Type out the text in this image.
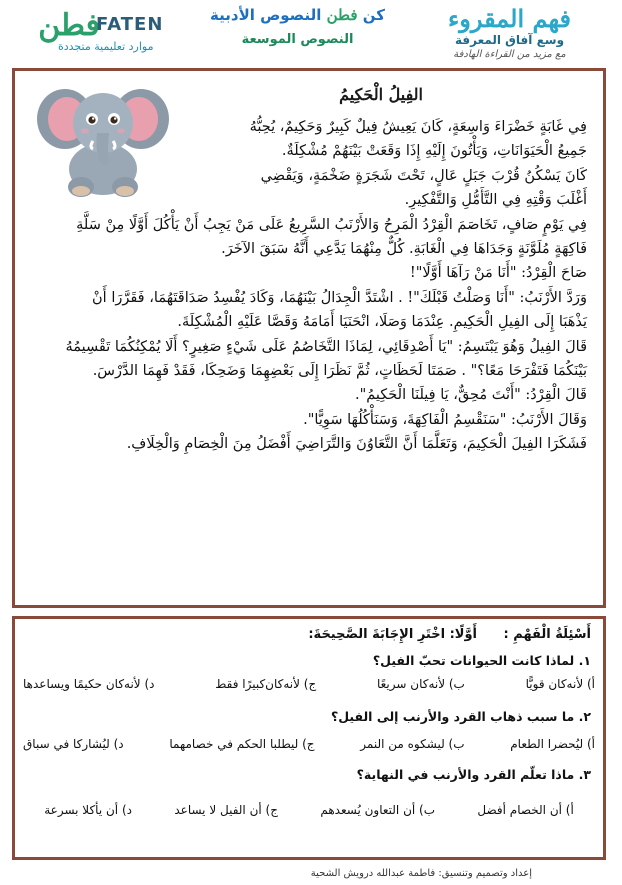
فهم المقروء
وسع آفاق المعرفة
مع مزيد من القراءة الهادفة
كن فطن النصوص الأدبية
النصوص الموسعة
فطن
FATEN
موارد تعليمية متجددة
الفِيلُ الْحَكِيمُ
فِي غَابَةٍ خَضْرَاءَ وَاسِعَةٍ، كَانَ يَعِيشُ فِيلٌ كَبِيرٌ وَحَكِيمٌ، يُحِبُّهُ
جَمِيعُ الْحَيَوَانَاتِ، وَيَأْتُونَ إِلَيْهِ إِذَا وَقَعَتْ بَيْنَهُمْ مُشْكِلَةٌ.
كَانَ يَسْكُنُ قُرْبَ جَبَلٍ عَالٍ، تَحْتَ شَجَرَةٍ ضَخْمَةٍ، وَيَقْضِي
أَغْلَبَ وَقْتِهِ فِي التَّأَمُّلِ وَالتَّفْكِيرِ.
فِي يَوْمٍ صَافٍ، تَخَاصَمَ الْقِرْدُ الْمَرِحُ وَالأَرْنَبُ السَّرِيعُ عَلَى مَنْ يَجِبُ أَنْ يَأْكُلَ أَوَّلًا مِنْ سَلَّةِ
فَاكِهَةٍ مُلَوَّنَةٍ وَجَدَاهَا فِي الْغَابَةِ. كُلٌّ مِنْهُمَا يَدَّعِي أَنَّهُ سَبَقَ الآخَرَ.
صَاحَ الْقِرْدُ: "أَنَا مَنْ رَآهَا أَوَّلًا"!
وَرَدَّ الأَرْنَبُ: "أَنَا وَصَلْتُ قَبْلَكَ"! . اشْتَدَّ الْجِدَالُ بَيْنَهُمَا، وَكَادَ يُفْسِدُ صَدَاقَتَهُمَا، فَقَرَّرَا أَنْ
يَذْهَبَا إِلَى الفِيلِ الْحَكِيمِ. عِنْدَمَا وَصَلَا، انْحَنَيَا أَمَامَهُ وَقَصَّا عَلَيْهِ الْمُشْكِلَةَ.
قَالَ الفِيلُ وَهُوَ يَبْتَسِمُ: "يَا أَصْدِقَائِي، لِمَاذَا التَّخَاصُمُ عَلَى شَيْءٍ صَغِيرٍ؟ أَلَا يُمْكِنُكُمَا تَقْسِيمُهُ
بَيْنَكُمَا فَتَفْرَحَا مَعًا؟" . صَمَتَا لَحَظَاتٍ، ثُمَّ نَظَرَا إِلَى بَعْضِهِمَا وَضَحِكَا، فَقَدْ فَهِمَا الدَّرْسَ.
قَالَ الْقِرْدُ: "أَنْتَ مُحِقٌّ، يَا فِيلَنَا الْحَكِيمُ".
وَقَالَ الأَرْنَبُ: "سَنَقْسِمُ الْفَاكِهَةَ، وَسَنَأْكُلُهَا سَوِيًّا".
فَشَكَرَا الفِيلَ الْحَكِيمَ، وَتَعَلَّمَا أَنَّ التَّعَاوُنَ وَالتَّرَاضِيَ أَفْضَلُ مِنَ الْخِصَامِ وَالْخِلَافِ.
أَسْئِلَةُ الْفَهْمِ : أَوَّلًا: اخْتَرِ الإِجَابَةَ الصَّحِيحَةَ:
١. لماذا كانت الحيوانات تحبّ الفيل؟
أ) لأنه‌كان قويًّا
ب) لأنه‌كان سريعًا
ج) لأنه‌كان‌كبيرًا فقط
د) لأنه‌كان حكيمًا ويساعدها
٢. ما سبب ذهاب القرد والأرنب إلى الفيل؟
أ) ليُحضرا الطعام
ب) ليشكوه من النمر
ج) ليطلبا الحكم في خصامهما
د) ليُشاركا في سباق
٣. ماذا تعلّم القرد والأرنب في النهاية؟
أ) أن الخصام أفضل
ب) أن التعاون يُسعدهم
ج) أن الفيل لا يساعد
د) أن يأكلا بسرعة
إعداد وتصميم وتنسيق: فاطمة عبدالله درويش الشحية
